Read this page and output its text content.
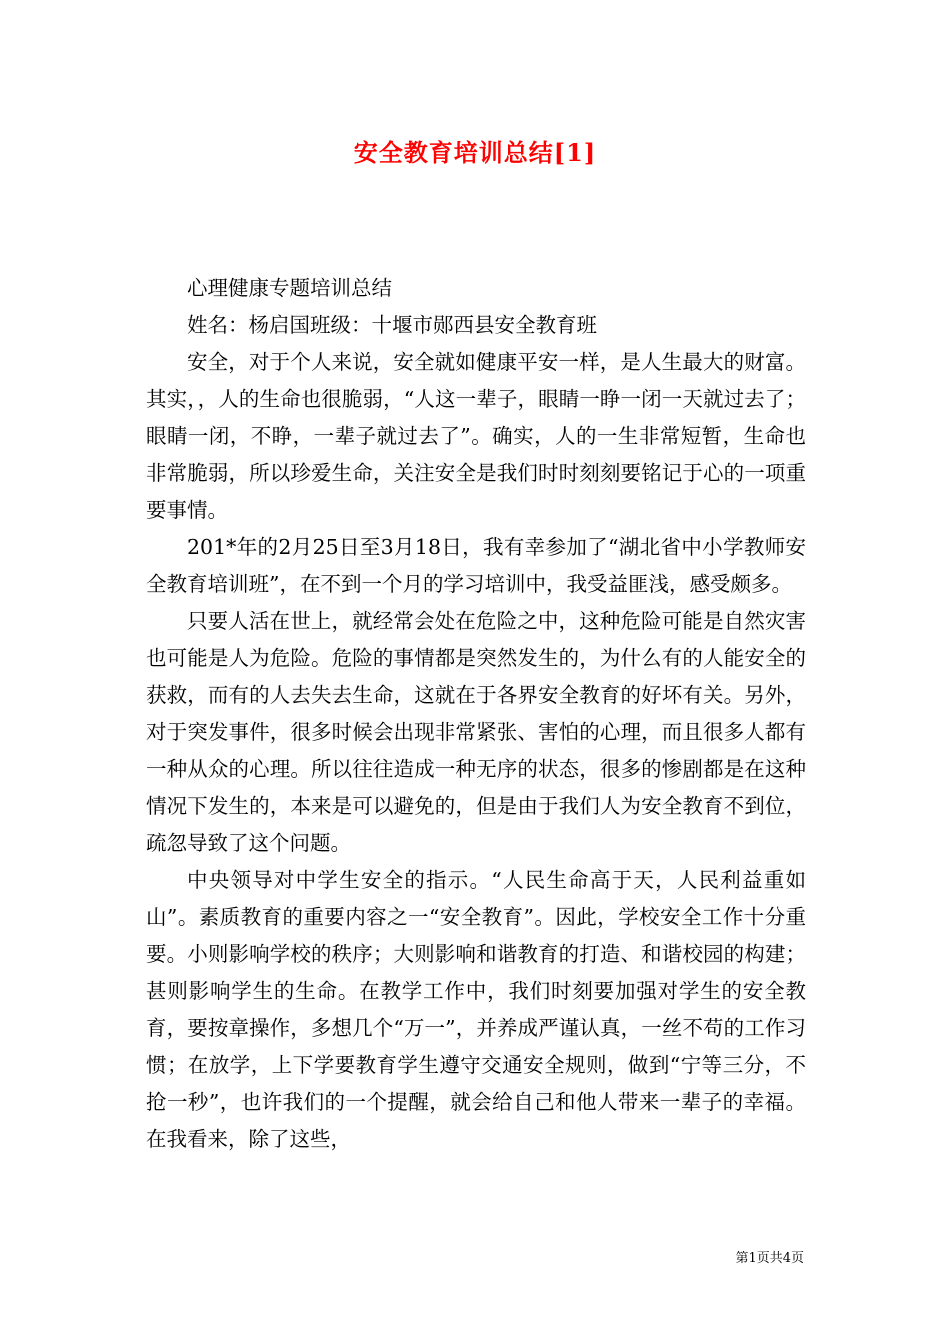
安全教育培训总结[1]

心理健康专题培训总结

姓名：杨启国班级：十堰市郧西县安全教育班

安全，对于个人来说，安全就如健康平安一样，是人生最大的财富。其实，，人的生命也很脆弱，“人这一辈子，眼睛一睁一闭一天就过去了；眼睛一闭，不睁，一辈子就过去了”。确实，人的一生非常短暂，生命也非常脆弱，所以珍爱生命，关注安全是我们时时刻刻要铭记于心的一项重要事情。

201*年的2月25日至3月18日，我有幸参加了“湖北省中小学教师安全教育培训班”，在不到一个月的学习培训中，我受益匪浅，感受颇多。

只要人活在世上，就经常会处在危险之中，这种危险可能是自然灾害也可能是人为危险。危险的事情都是突然发生的，为什么有的人能安全的获救，而有的人去失去生命，这就在于各界安全教育的好坏有关。另外，对于突发事件，很多时候会出现非常紧张、害怕的心理，而且很多人都有一种从众的心理。所以往往造成一种无序的状态，很多的惨剧都是在这种情况下发生的，本来是可以避免的，但是由于我们人为安全教育不到位，疏忽导致了这个问题。

中央领导对中学生安全的指示。“人民生命高于天，人民利益重如山”。素质教育的重要内容之一“安全教育”。因此，学校安全工作十分重要。小则影响学校的秩序；大则影响和谐教育的打造、和谐校园的构建；甚则影响学生的生命。在教学工作中，我们时刻要加强对学生的安全教育，要按章操作，多想几个“万一”，并养成严谨认真，一丝不苟的工作习惯；在放学，上下学要教育学生遵守交通安全规则，做到“宁等三分，不抢一秒”，也许我们的一个提醒，就会给自己和他人带来一辈子的幸福。在我看来，除了这些，

第1页共4页
